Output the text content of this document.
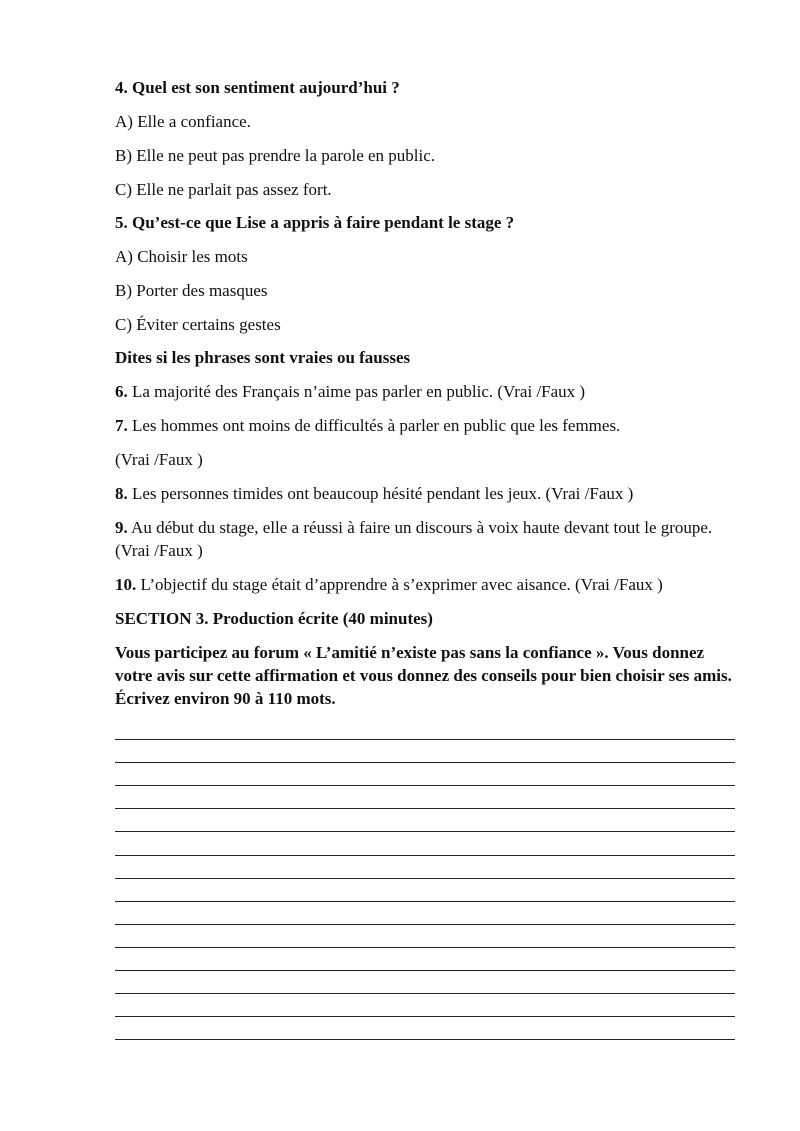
4. Quel est son sentiment aujourd’hui ?
A) Elle a confiance.
B) Elle ne peut pas prendre la parole en public.
C) Elle ne parlait pas assez fort.
5. Qu’est-ce que Lise a appris à faire pendant le stage ?
A) Choisir les mots
B) Porter des masques
C) Éviter certains gestes
Dites si les phrases sont vraies ou fausses
6. La majorité des Français n’aime pas parler en public. (Vrai /Faux )
7. Les hommes ont moins de difficultés à parler en public que les femmes.
(Vrai /Faux )
8. Les personnes timides ont beaucoup hésité pendant les jeux. (Vrai /Faux )
9. Au début du stage, elle a réussi à faire un discours à voix haute devant tout le groupe. (Vrai /Faux )
10. L’objectif du stage était d’apprendre à s’exprimer avec aisance. (Vrai /Faux )
SECTION 3. Production écrite (40 minutes)
Vous participez au forum « L’amitié n’existe pas sans la confiance ». Vous donnez votre avis sur cette affirmation et vous donnez des conseils pour bien choisir ses amis. Écrivez environ 90 à 110 mots.
